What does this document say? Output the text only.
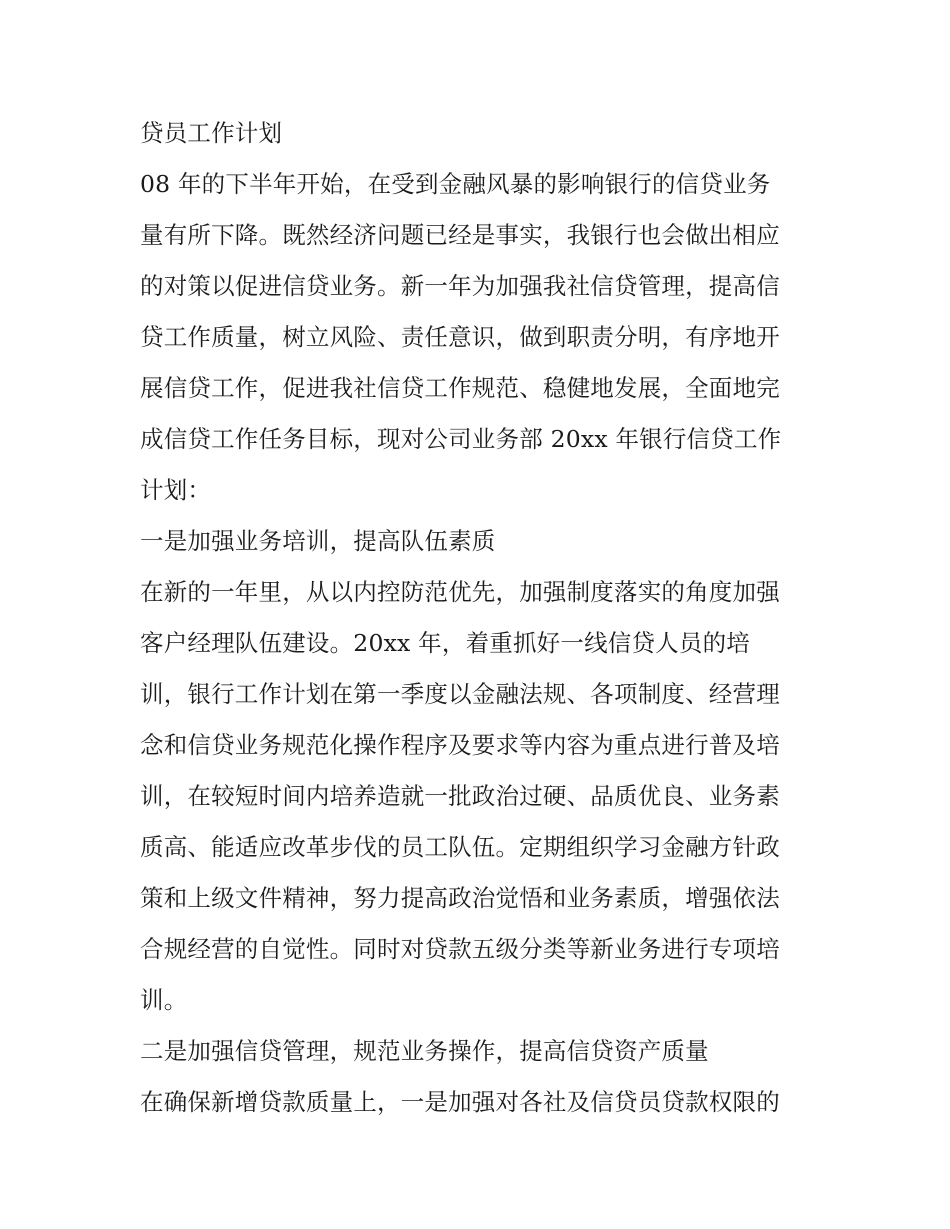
贷员工作计划
08 年的下半年开始，在受到金融风暴的影响银行的信贷业务
量有所下降。既然经济问题已经是事实，我银行也会做出相应
的对策以促进信贷业务。新一年为加强我社信贷管理，提高信
贷工作质量，树立风险、责任意识，做到职责分明，有序地开
展信贷工作，促进我社信贷工作规范、稳健地发展，全面地完
成信贷工作任务目标，现对公司业务部 20xx 年银行信贷工作
计划：
一是加强业务培训，提高队伍素质
在新的一年里，从以内控防范优先，加强制度落实的角度加强
客户经理队伍建设。20xx 年，着重抓好一线信贷人员的培
训，银行工作计划在第一季度以金融法规、各项制度、经营理
念和信贷业务规范化操作程序及要求等内容为重点进行普及培
训，在较短时间内培养造就一批政治过硬、品质优良、业务素
质高、能适应改革步伐的员工队伍。定期组织学习金融方针政
策和上级文件精神，努力提高政治觉悟和业务素质，增强依法
合规经营的自觉性。同时对贷款五级分类等新业务进行专项培
训。
二是加强信贷管理，规范业务操作，提高信贷资产质量
在确保新增贷款质量上，一是加强对各社及信贷员贷款权限的
